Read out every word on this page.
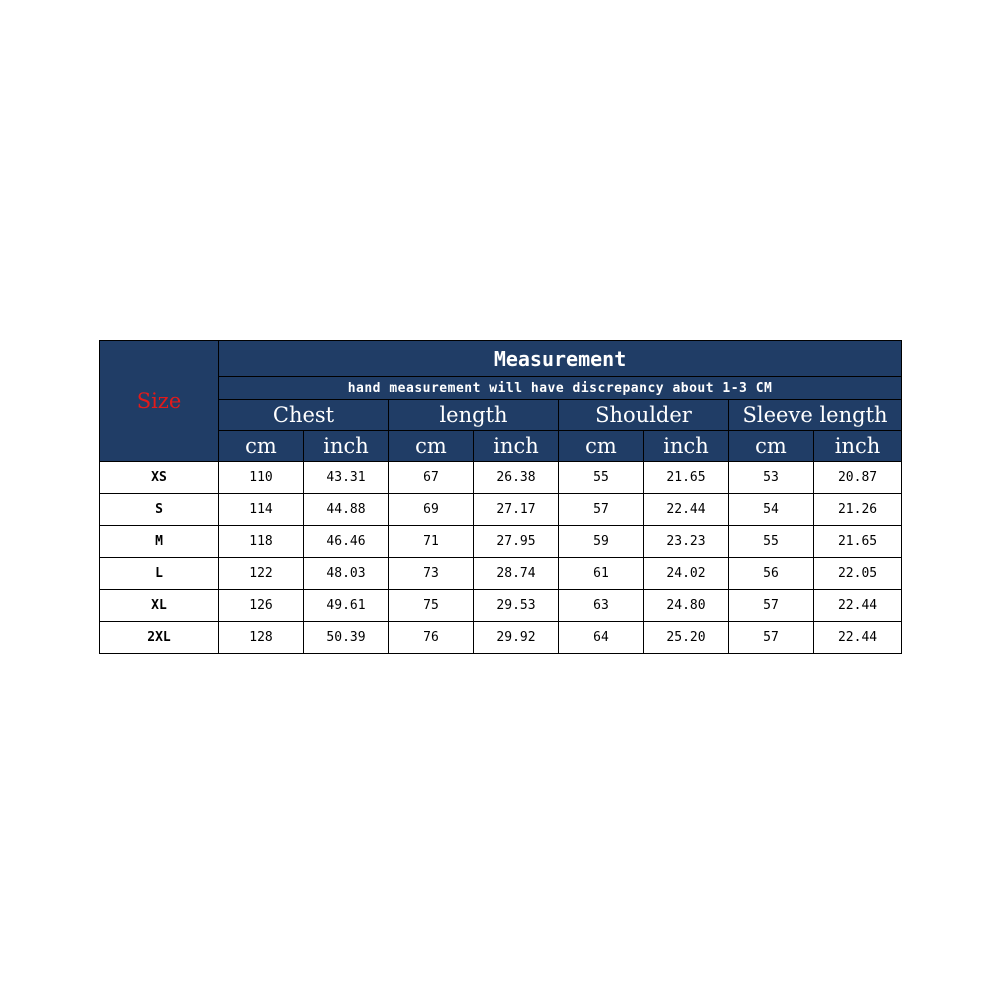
Size	Measurement							
	hand measurement will have discrepancy about 1-3 CM							
	Chest		length		Shoulder		Sleeve length	
	cm	inch	cm	inch	cm	inch	cm	inch
XS	110	43.31	67	26.38	55	21.65	53	20.87
S	114	44.88	69	27.17	57	22.44	54	21.26
M	118	46.46	71	27.95	59	23.23	55	21.65
L	122	48.03	73	28.74	61	24.02	56	22.05
XL	126	49.61	75	29.53	63	24.80	57	22.44
2XL	128	50.39	76	29.92	64	25.20	57	22.44
